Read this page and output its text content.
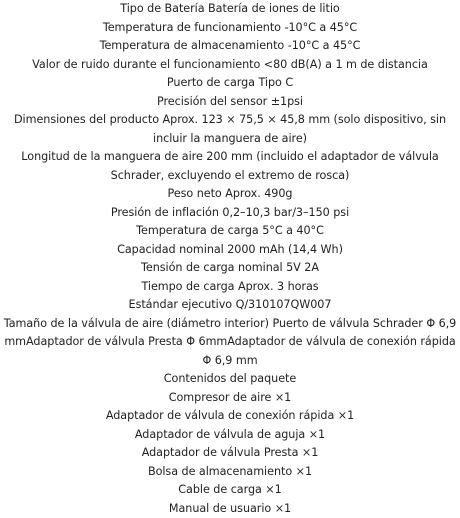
Tipo de Batería Batería de iones de litio
Temperatura de funcionamiento -10°C a 45°C
Temperatura de almacenamiento -10°C a 45°C
Valor de ruido durante el funcionamiento <80 dB(A) a 1 m de distancia
Puerto de carga Tipo C
Precisión del sensor ±1psi
Dimensiones del producto Aprox. 123 × 75,5 × 45,8 mm (solo dispositivo, sin incluir la manguera de aire)
Longitud de la manguera de aire 200 mm (incluido el adaptador de válvula Schrader, excluyendo el extremo de rosca)
Peso neto Aprox. 490g
Presión de inflación 0,2–10,3 bar/3–150 psi
Temperatura de carga 5°C a 40°C
Capacidad nominal 2000 mAh (14,4 Wh)
Tensión de carga nominal 5V 2A
Tiempo de carga Aprox. 3 horas
Estándar ejecutivo Q/310107QW007
Tamaño de la válvula de aire (diámetro interior) Puerto de válvula Schrader Φ 6,9 mmAdaptador de válvula Presta Φ 6mmAdaptador de válvula de conexión rápida Φ 6,9 mm
Contenidos del paquete
Compresor de aire ×1
Adaptador de válvula de conexión rápida ×1
Adaptador de válvula de aguja ×1
Adaptador de válvula Presta ×1
Bolsa de almacenamiento ×1
Cable de carga ×1
Manual de usuario ×1
